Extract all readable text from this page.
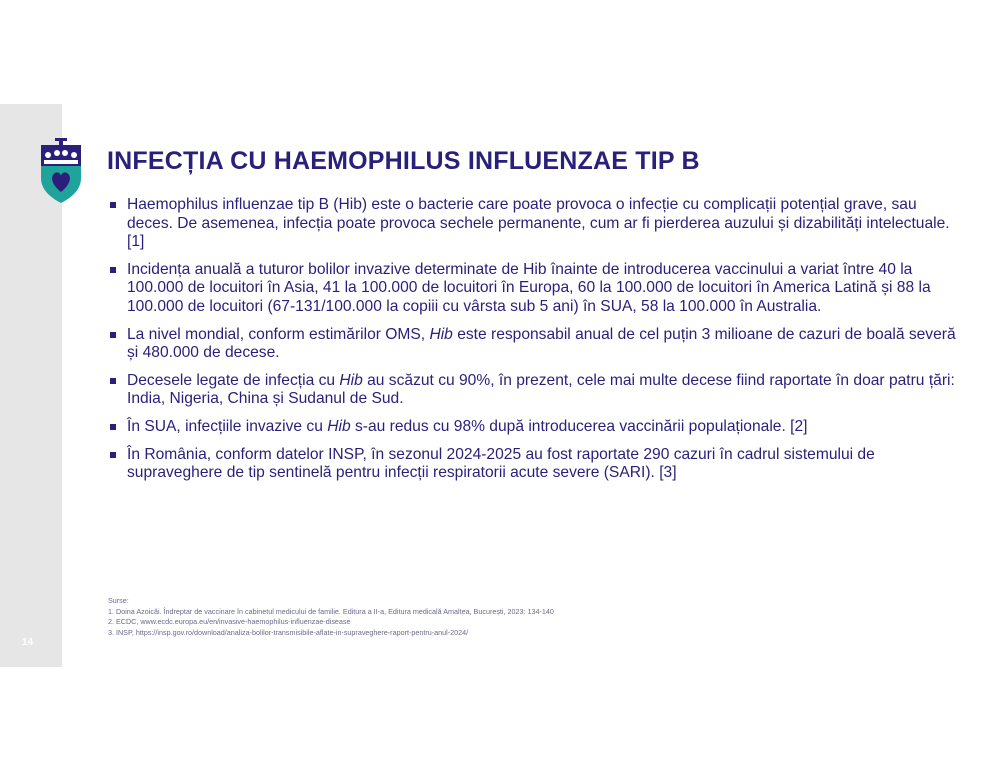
14
INFECȚIA CU HAEMOPHILUS INFLUENZAE TIP B
Haemophilus influenzae tip B (Hib) este o bacterie care poate provoca o infecție cu complicații potențial grave, sau deces. De asemenea, infecția poate provoca sechele permanente, cum ar fi pierderea auzului și dizabilități intelectuale. [1]
Incidența anuală a tuturor bolilor invazive determinate de Hib înainte de introducerea vaccinului a variat între 40 la 100.000 de locuitori în Asia, 41 la 100.000 de locuitori în Europa, 60 la 100.000 de locuitori în America Latină și 88 la 100.000 de locuitori (67-131/100.000 la copiii cu vârsta sub 5 ani) în SUA, 58 la 100.000 în Australia.
La nivel mondial, conform estimărilor OMS, Hib este responsabil anual de cel puțin 3 milioane de cazuri de boală severă și 480.000 de decese.
Decesele legate de infecția cu Hib au scăzut cu 90%, în prezent, cele mai multe decese fiind raportate în doar patru țări: India, Nigeria, China și Sudanul de Sud.
În SUA, infecțiile invazive cu Hib s-au redus cu 98% după introducerea vaccinării populaționale. [2]
În România, conform datelor INSP, în sezonul 2024-2025 au fost raportate 290 cazuri în cadrul sistemului de supraveghere de tip sentinelă pentru infecții respiratorii acute severe (SARI). [3]
Surse:
1. Doina Azoicăi. Îndreptar de vaccinare în cabinetul medicului de familie. Editura a II-a, Editura medicală Amaltea, București, 2023: 134-140
2. ECDC, www.ecdc.europa.eu/en/invasive-haemophilus-influenzae-disease
3. INSP, https://insp.gov.ro/download/analiza-bolilor-transmisibile-aflate-in-supraveghere-raport-pentru-anul-2024/
